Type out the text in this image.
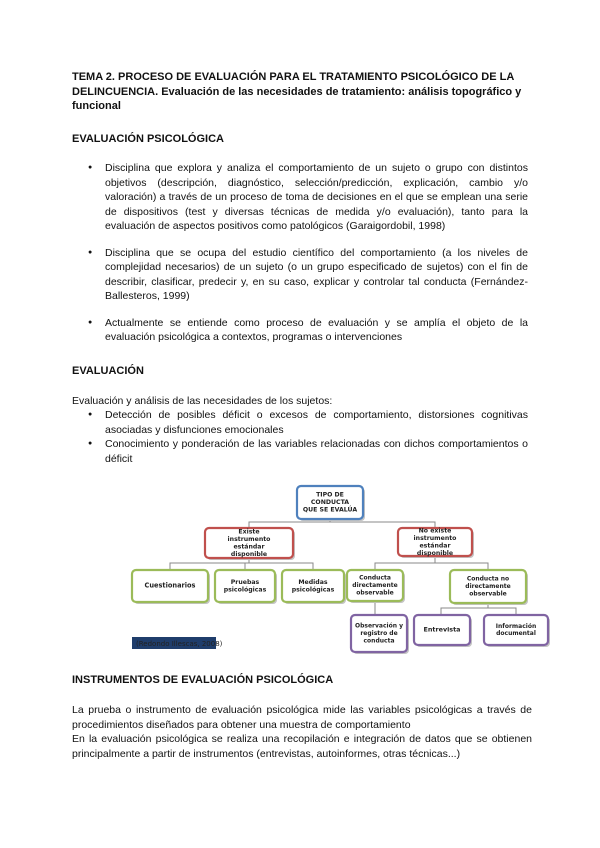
TEMA 2. PROCESO DE EVALUACIÓN PARA EL TRATAMIENTO PSICOLÓGICO DE LA DELINCUENCIA. Evaluación de las necesidades de tratamiento: análisis topográfico y funcional
EVALUACIÓN PSICOLÓGICA
● Disciplina que explora y analiza el comportamiento de un sujeto o grupo con distintos objetivos (descripción, diagnóstico, selección/predicción, explicación, cambio y/o valoración) a través de un proceso de toma de decisiones en el que se emplean una serie de dispositivos (test y diversas técnicas de medida y/o evaluación), tanto para la evaluación de aspectos positivos como patológicos (Garaigordobil, 1998)
● Disciplina que se ocupa del estudio científico del comportamiento (a los niveles de complejidad necesarios) de un sujeto (o un grupo especificado de sujetos) con el fin de describir, clasificar, predecir y, en su caso, explicar y controlar tal conducta (Fernández-Ballesteros, 1999)
● Actualmente se entiende como proceso de evaluación y se amplía el objeto de la evaluación psicológica a contextos, programas o intervenciones
EVALUACIÓN
Evaluación y análisis de las necesidades de los sujetos:
● Detección de posibles déficit o excesos de comportamiento, distorsiones cognitivas asociadas y disfunciones emocionales
● Conocimiento y ponderación de las variables relacionadas con dichos comportamientos o déficit
TIPO DE
CONDUCTA
QUE SE EVALÚA
Existe
instrumento
estándar
disponible
No existe
instrumento
estándar
disponible
Cuestionarios	Pruebas
psicológicas
Medidas
psicológicas
Conducta
directamente
observable
Conducta no
directamente
observable
Observación y
registro de
conducta
Entrevista	Información
documental
(Redondo Illescas, 2008)
INSTRUMENTOS DE EVALUACIÓN PSICOLÓGICA
La prueba o instrumento de evaluación psicológica mide las variables psicológicas a través de procedimientos diseñados para obtener una muestra de comportamiento
En la evaluación psicológica se realiza una recopilación e integración de datos que se obtienen principalmente a partir de instrumentos (entrevistas, autoinformes, otras técnicas...)
